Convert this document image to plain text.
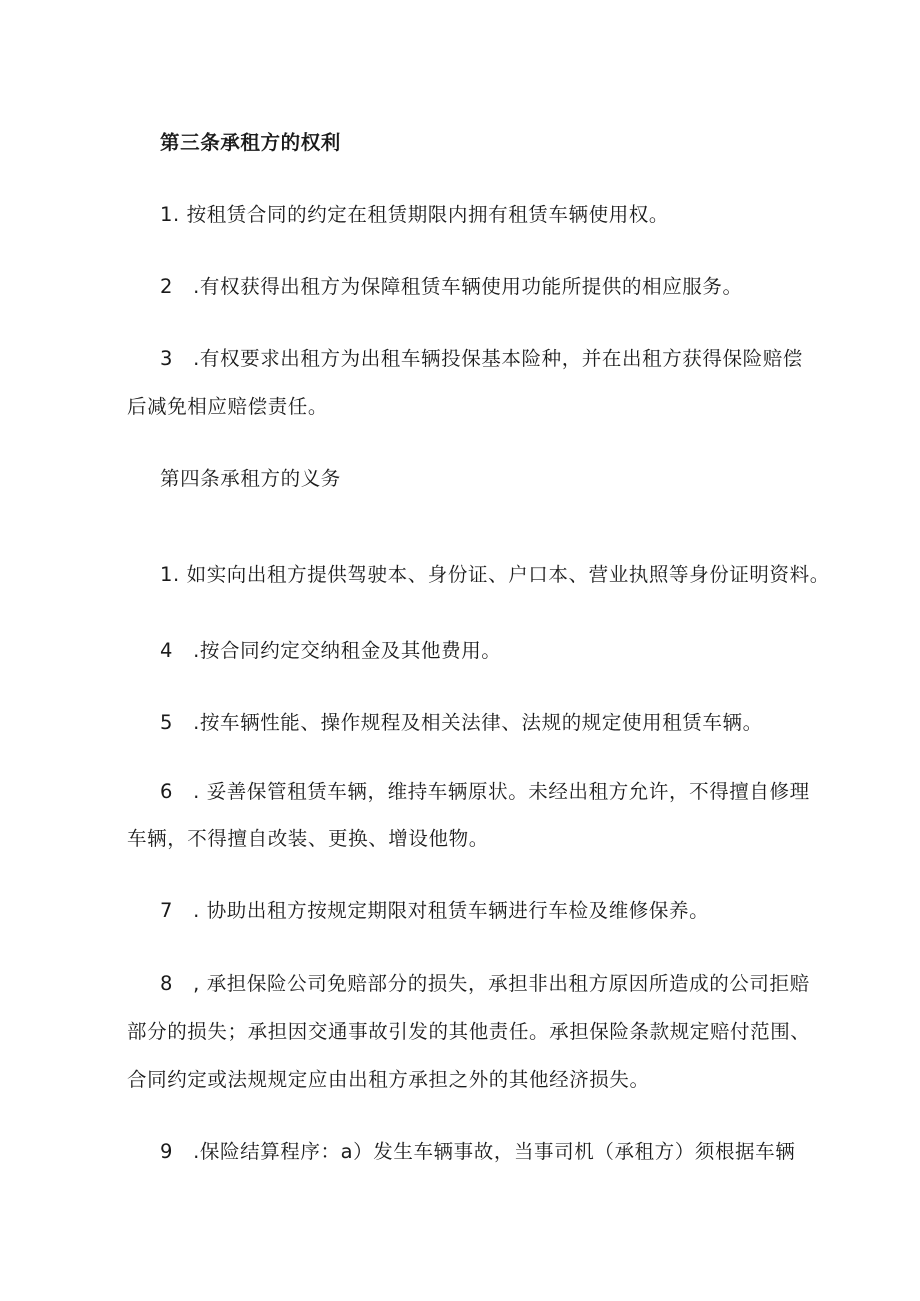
第三条承租方的权利
1. 按租赁合同的约定在租赁期限内拥有租赁车辆使用权。
2　.有权获得出租方为保障租赁车辆使用功能所提供的相应服务。
3　.有权要求出租方为出租车辆投保基本险种，并在出租方获得保险赔偿
后减免相应赔偿责任。
第四条承租方的义务
1. 如实向出租方提供驾驶本、身份证、户口本、营业执照等身份证明资料。
4　.按合同约定交纳租金及其他费用。
5　.按车辆性能、操作规程及相关法律、法规的规定使用租赁车辆。
6　. 妥善保管租赁车辆，维持车辆原状。未经出租方允许，不得擅自修理
车辆，不得擅自改装、更换、增设他物。
7　. 协助出租方按规定期限对租赁车辆进行车检及维修保养。
8　, 承担保险公司免赔部分的损失，承担非出租方原因所造成的公司拒赔
部分的损失；承担因交通事故引发的其他责任。承担保险条款规定赔付范围、
合同约定或法规规定应由出租方承担之外的其他经济损失。
9　.保险结算程序：a）发生车辆事故，当事司机（承租方）须根据车辆
